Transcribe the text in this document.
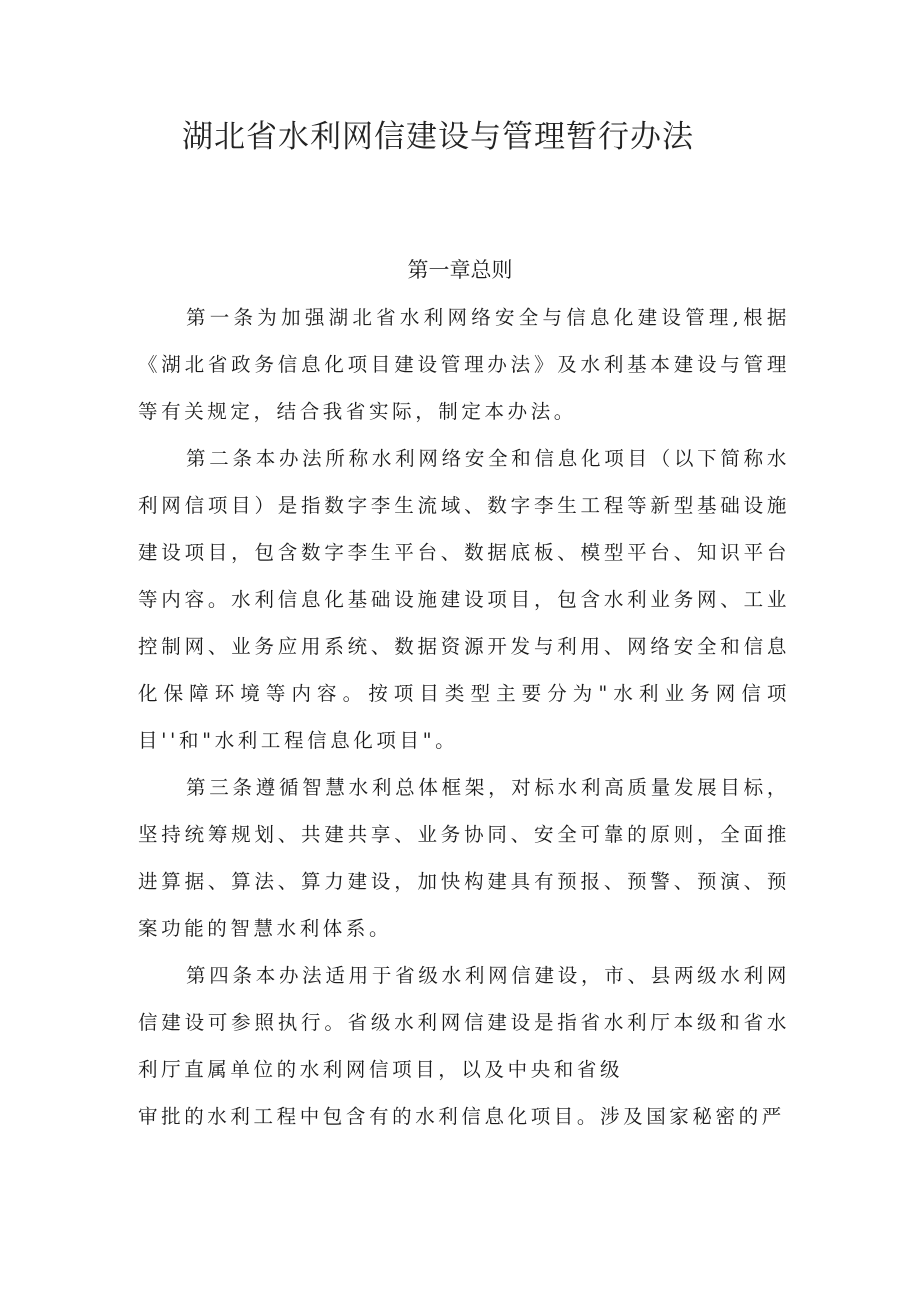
湖北省水利网信建设与管理暂行办法
第一章总则

第一条为加强湖北省水利网络安全与信息化建设管理,根据《湖北省政务信息化项目建设管理办法》及水利基本建设与管理等有关规定，结合我省实际，制定本办法。

第二条本办法所称水利网络安全和信息化项目（以下简称水利网信项目）是指数字李生流域、数字李生工程等新型基础设施建设项目，包含数字李生平台、数据底板、模型平台、知识平台等内容。水利信息化基础设施建设项目，包含水利业务网、工业控制网、业务应用系统、数据资源开发与利用、网络安全和信息化保障环境等内容。按项目类型主要分为"水利业务网信项目''和"水利工程信息化项目"。

第三条遵循智慧水利总体框架，对标水利高质量发展目标，坚持统筹规划、共建共享、业务协同、安全可靠的原则，全面推进算据、算法、算力建设，加快构建具有预报、预警、预演、预案功能的智慧水利体系。

第四条本办法适用于省级水利网信建设，市、县两级水利网信建设可参照执行。省级水利网信建设是指省水利厅本级和省水利厅直属单位的水利网信项目，以及中央和省级

审批的水利工程中包含有的水利信息化项目。涉及国家秘密的严
